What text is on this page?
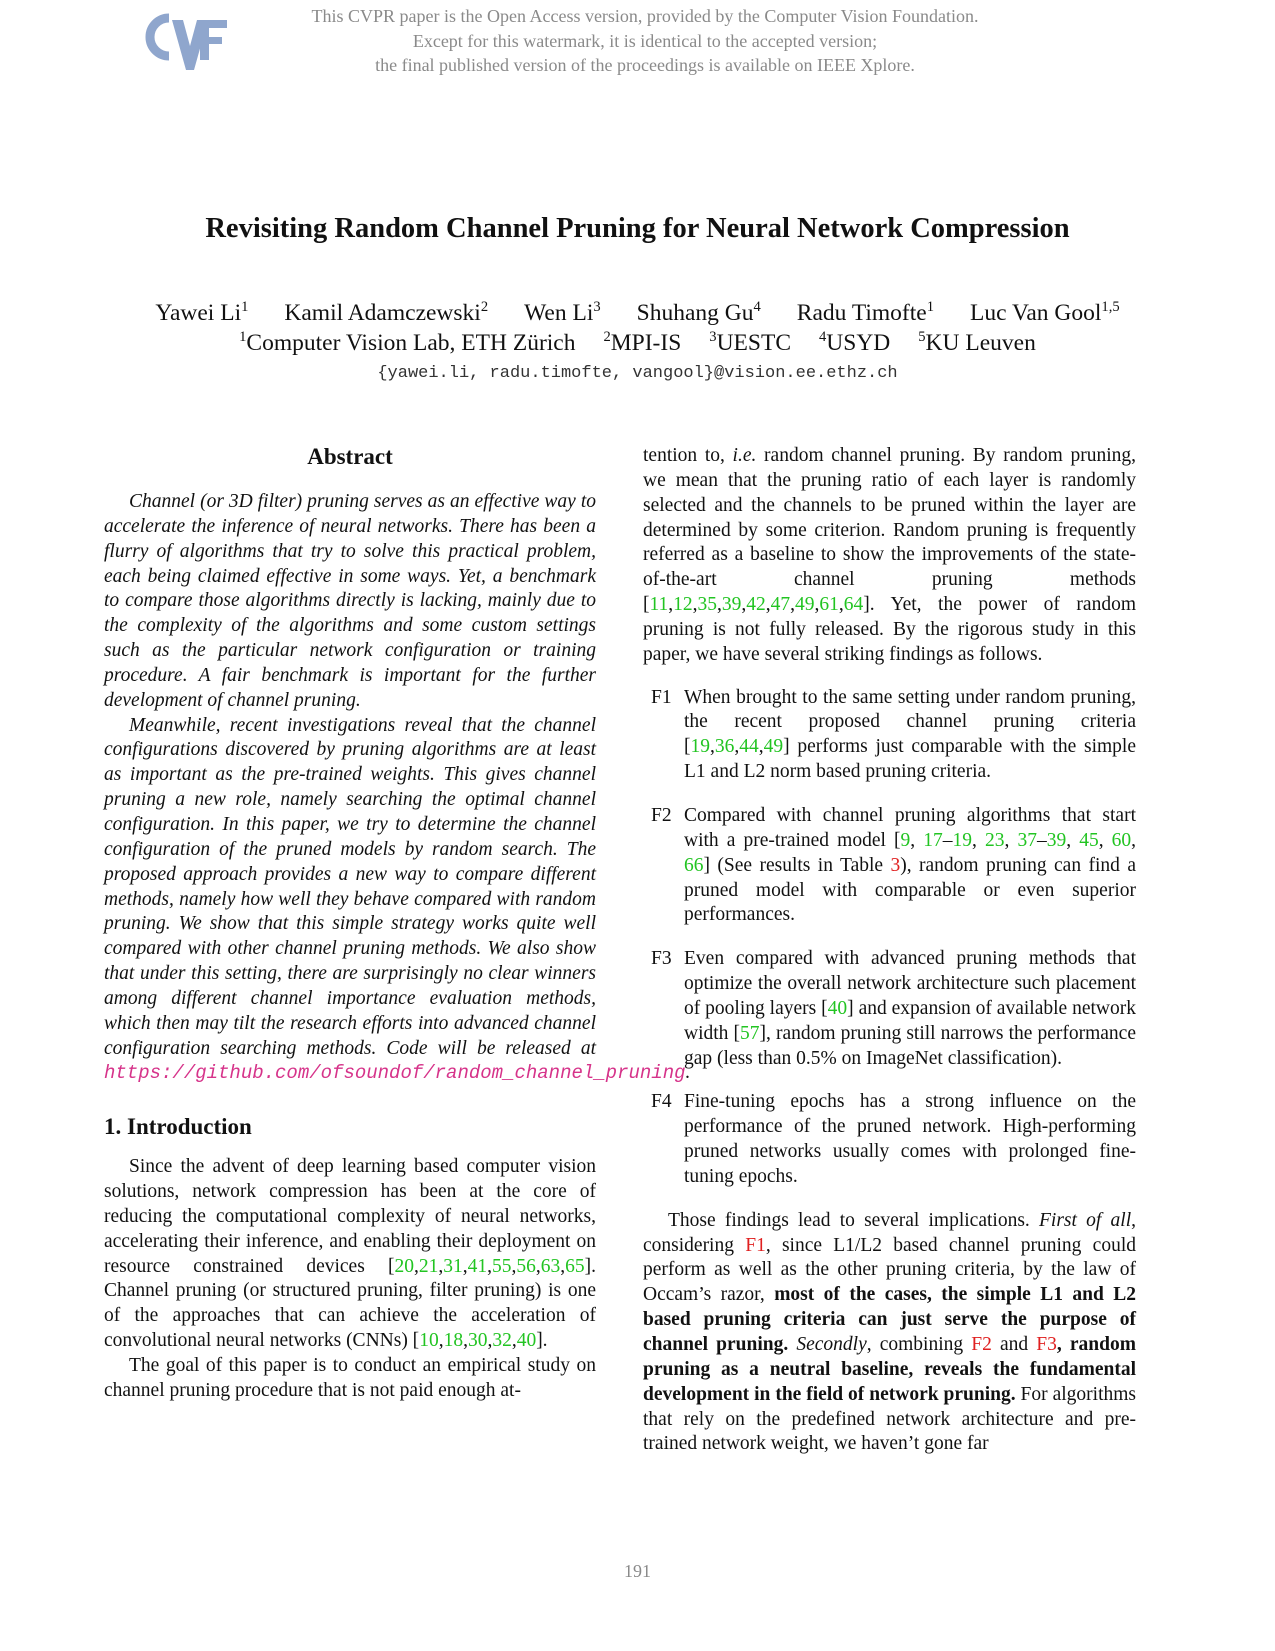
This CVPR paper is the Open Access version, provided by the Computer Vision Foundation.
Except for this watermark, it is identical to the accepted version;
the final published version of the proceedings is available on IEEE Xplore.
Revisiting Random Channel Pruning for Neural Network Compression
Yawei Li$^1$ Kamil Adamczewski$^2$ Wen Li$^3$ Shuhang Gu$^4$ Radu Timofte$^1$ Luc Van Gool$^{1,5}$
$^1$Computer Vision Lab, ETH Zürich $^2$MPI-IS $^3$UESTC $^4$USYD $^5$KU Leuven
{yawei.li, radu.timofte, vangool}@vision.ee.ethz.ch
Abstract

Channel (or 3D filter) pruning serves as an effective way to accelerate the inference of neural networks. There has been a flurry of algorithms that try to solve this practical problem, each being claimed effective in some ways. Yet, a benchmark to compare those algorithms directly is lacking, mainly due to the complexity of the algorithms and some custom settings such as the particular network configuration or training procedure. A fair benchmark is important for the further development of channel pruning.

Meanwhile, recent investigations reveal that the channel configurations discovered by pruning algorithms are at least as important as the pre-trained weights. This gives channel pruning a new role, namely searching the optimal channel configuration. In this paper, we try to determine the channel configuration of the pruned models by random search. The proposed approach provides a new way to compare different methods, namely how well they behave compared with random pruning. We show that this simple strategy works quite well compared with other channel pruning methods. We also show that under this setting, there are surprisingly no clear winners among different channel importance evaluation methods, which then may tilt the research efforts into advanced channel configuration searching methods. Code will be released at https://github.com/ofsoundof/random_channel_pruning.

1. Introduction

Since the advent of deep learning based computer vision solutions, network compression has been at the core of reducing the computational complexity of neural networks, accelerating their inference, and enabling their deployment on resource constrained devices [20,21,31,41,55,56,63,65]. Channel pruning (or structured pruning, filter pruning) is one of the approaches that can achieve the acceleration of convolutional neural networks (CNNs) [10,18,30,32,40].

The goal of this paper is to conduct an empirical study on channel pruning procedure that is not paid enough at-

tention to, i.e. random channel pruning. By random pruning, we mean that the pruning ratio of each layer is randomly selected and the channels to be pruned within the layer are determined by some criterion. Random pruning is frequently referred as a baseline to show the improvements of the state-of-the-art channel pruning methods [11,12,35,39,42,47,49,61,64]. Yet, the power of random pruning is not fully released. By the rigorous study in this paper, we have several striking findings as follows.

F1 When brought to the same setting under random pruning, the recent proposed channel pruning criteria [19,36,44,49] performs just comparable with the simple L1 and L2 norm based pruning criteria.
F2 Compared with channel pruning algorithms that start with a pre-trained model [9, 17–19, 23, 37–39, 45, 60, 66] (See results in Table 3), random pruning can find a pruned model with comparable or even superior performances.
F3 Even compared with advanced pruning methods that optimize the overall network architecture such placement of pooling layers [40] and expansion of available network width [57], random pruning still narrows the performance gap (less than 0.5% on ImageNet classification).
F4 Fine-tuning epochs has a strong influence on the performance of the pruned network. High-performing pruned networks usually comes with prolonged fine-tuning epochs.

Those findings lead to several implications. First of all, considering F1, since L1/L2 based channel pruning could perform as well as the other pruning criteria, by the law of Occam’s razor, most of the cases, the simple L1 and L2 based pruning criteria can just serve the purpose of channel pruning. Secondly, combining F2 and F3, random pruning as a neutral baseline, reveals the fundamental development in the field of network pruning. For algorithms that rely on the predefined network architecture and pre-trained network weight, we haven’t gone far

191
